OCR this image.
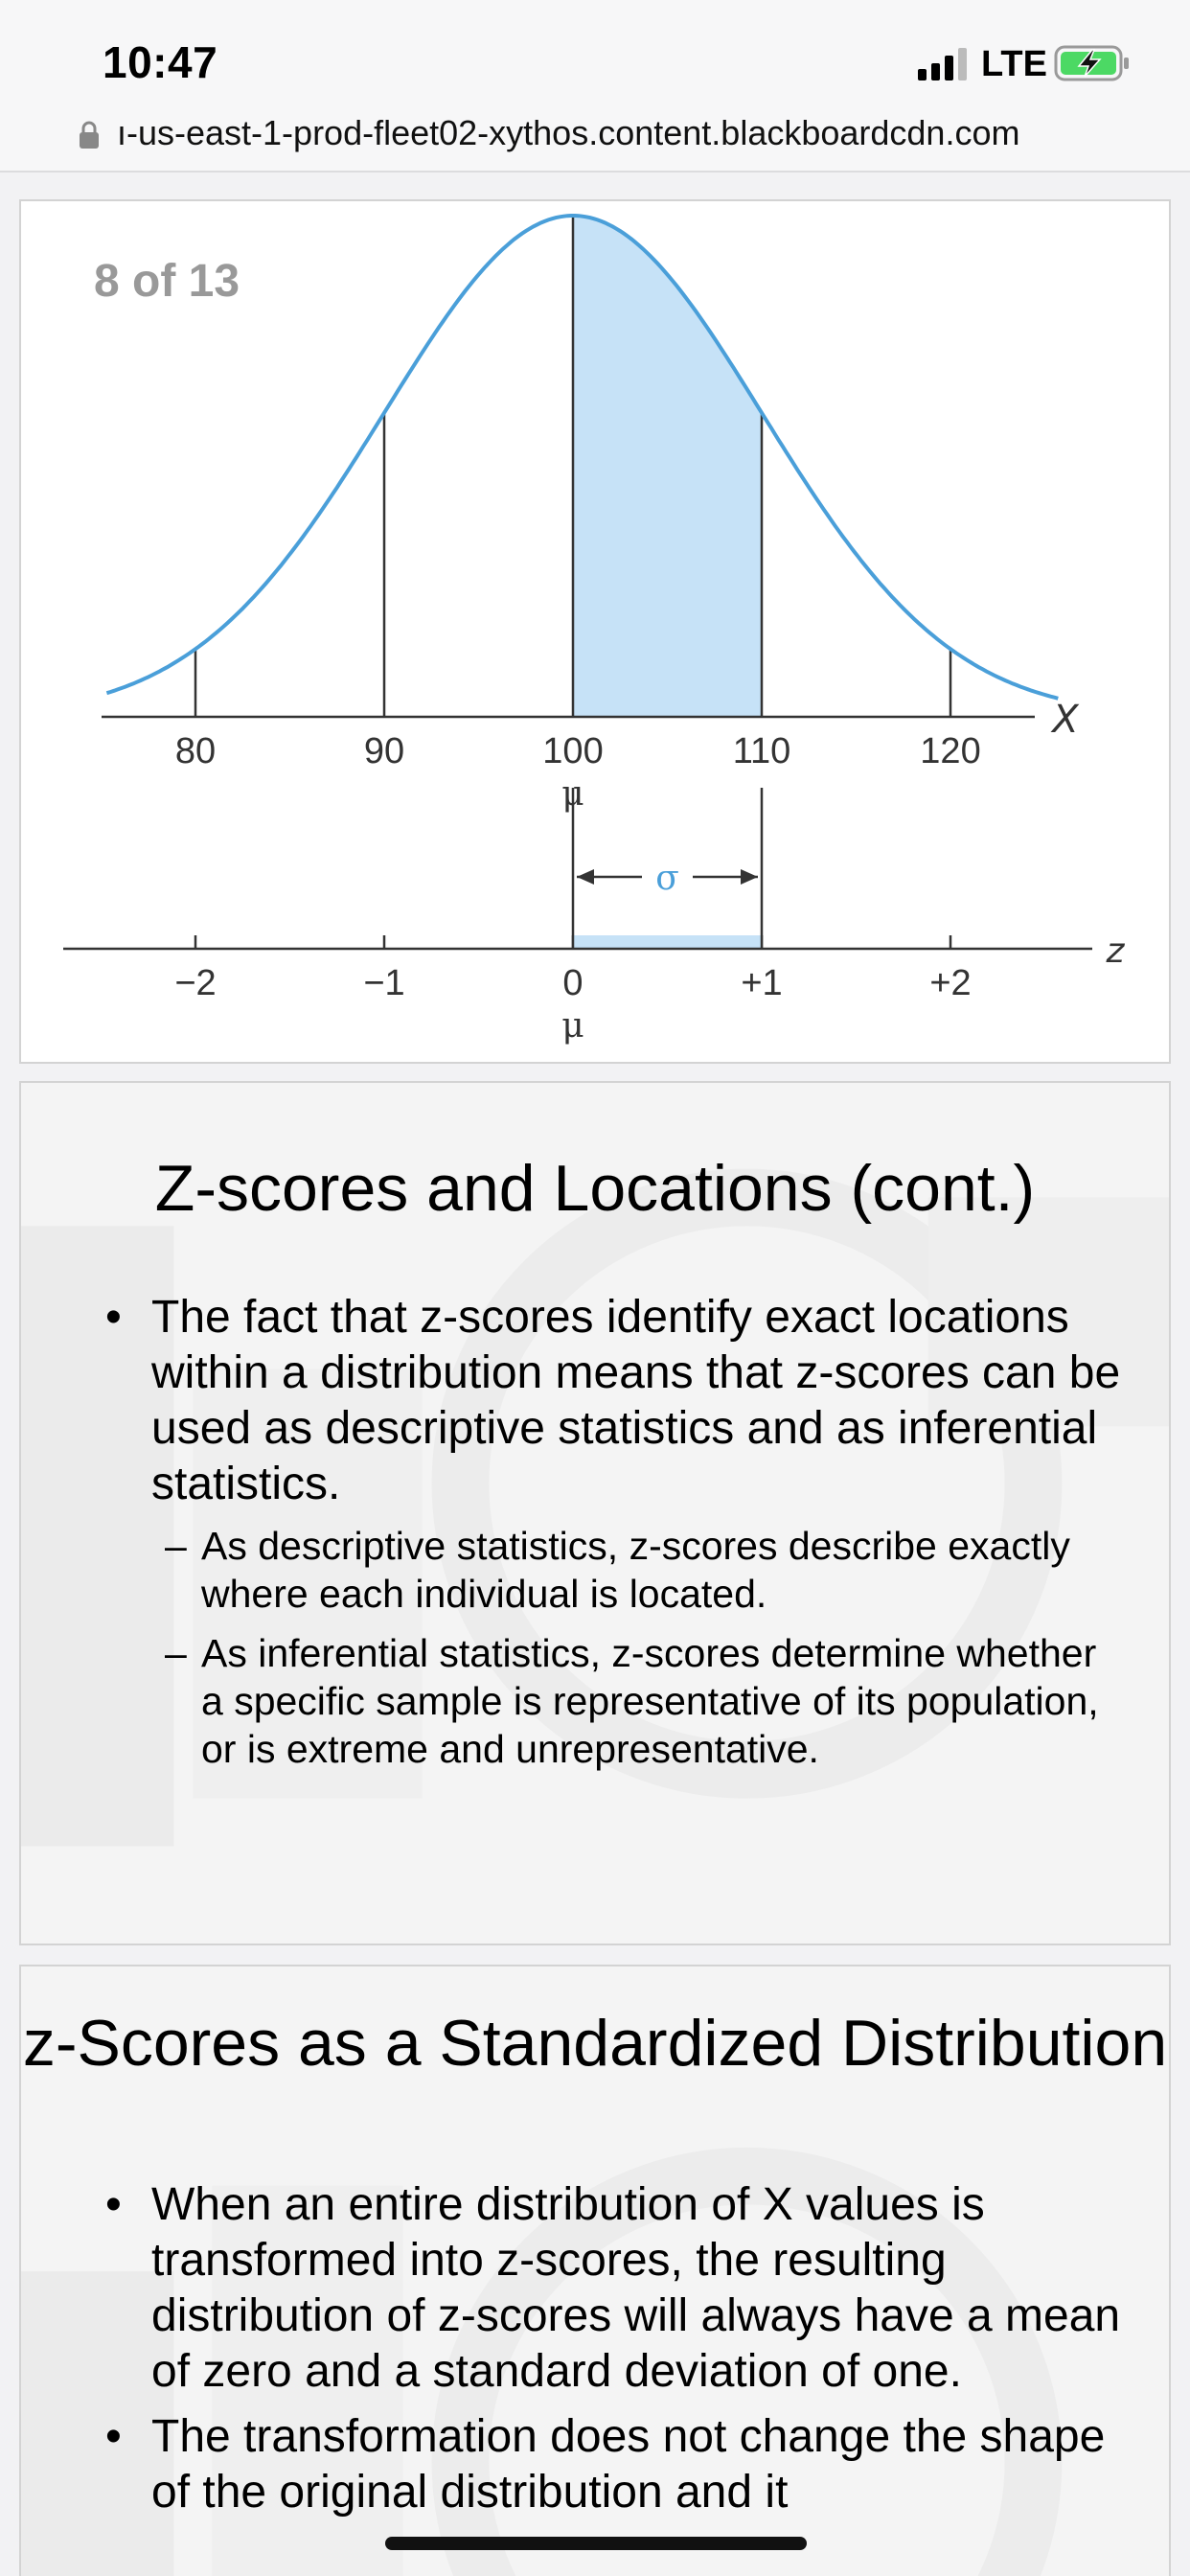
10:47	LTE
ı-us-east-1-prod-fleet02-xythos.content.blackboardcdn.com
X
80	90	100	110	120
μ
σ
z
−2	−1	0	+1	+2
μ
8 of 13
Z-scores and Locations (cont.)
• The fact that z-scores identify exact locations within a distribution means that z-scores can be used as descriptive statistics and as inferential statistics.
– As descriptive statistics, z-scores describe exactly where each individual is located.
– As inferential statistics, z-scores determine whether a specific sample is representative of its population, or is extreme and unrepresentative.
z-Scores as a Standardized Distribution
• When an entire distribution of X values is transformed into z-scores, the resulting distribution of z-scores will always have a mean of zero and a standard deviation of one.
• The transformation does not change the shape of the original distribution and it
